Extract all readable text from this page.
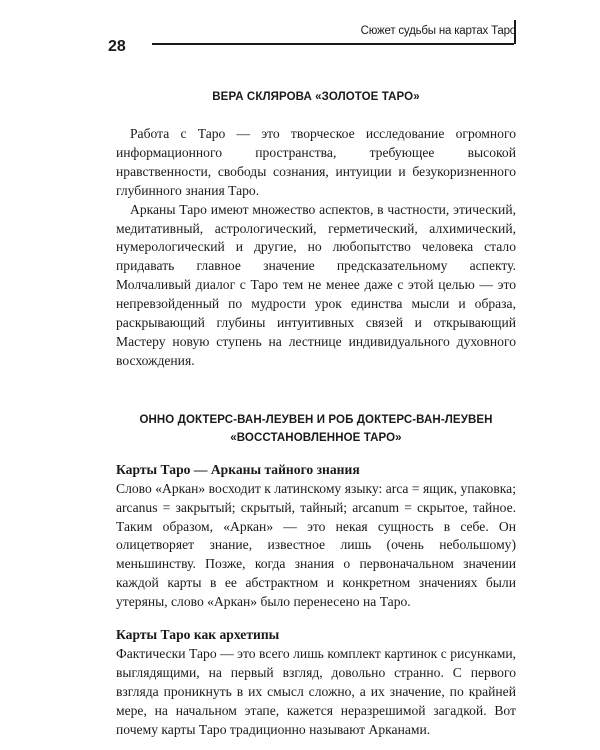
28
Сюжет судьбы на картах Таро
ВЕРА СКЛЯРОВА «ЗОЛОТОЕ ТАРО»

Работа с Таро — это творческое исследование огромного информационного пространства, требующее высокой нравственности, свободы сознания, интуиции и безукоризненного глубинного знания Таро.

Арканы Таро имеют множество аспектов, в частности, этический, медитативный, астрологический, герметический, алхимический, нумерологический и другие, но любопытство человека стало придавать главное значение предсказательному аспекту. Молчаливый диалог с Таро тем не менее даже с этой целью — это непревзойденный по мудрости урок единства мысли и образа, раскрывающий глубины интуитивных связей и открывающий Мастеру новую ступень на лестнице индивидуального духовного восхождения.

ОННО ДОКТЕРС-ВАН-ЛЕУВЕН И РОБ ДОКТЕРС-ВАН-ЛЕУВЕН «ВОССТАНОВЛЕННОЕ ТАРО»
Карты Таро — Арканы тайного знания

Слово «Аркан» восходит к латинскому языку: arca = ящик, упаковка; arcanus = закрытый; скрытый, тайный; arcanum = скрытое, тайное. Таким образом, «Аркан» — это некая сущность в себе. Он олицетворяет знание, известное лишь (очень небольшому) меньшинству. Позже, когда знания о первоначальном значении каждой карты в ее абстрактном и конкретном значениях были утеряны, слово «Аркан» было перенесено на Таро.

Карты Таро как архетипы

Фактически Таро — это всего лишь комплект картинок с рисунками, выглядящими, на первый взгляд, довольно странно. С первого взгляда проникнуть в их смысл сложно, а их значение, по крайней мере, на начальном этапе, кажется неразрешимой загадкой. Вот почему карты Таро традиционно называют Арканами.
